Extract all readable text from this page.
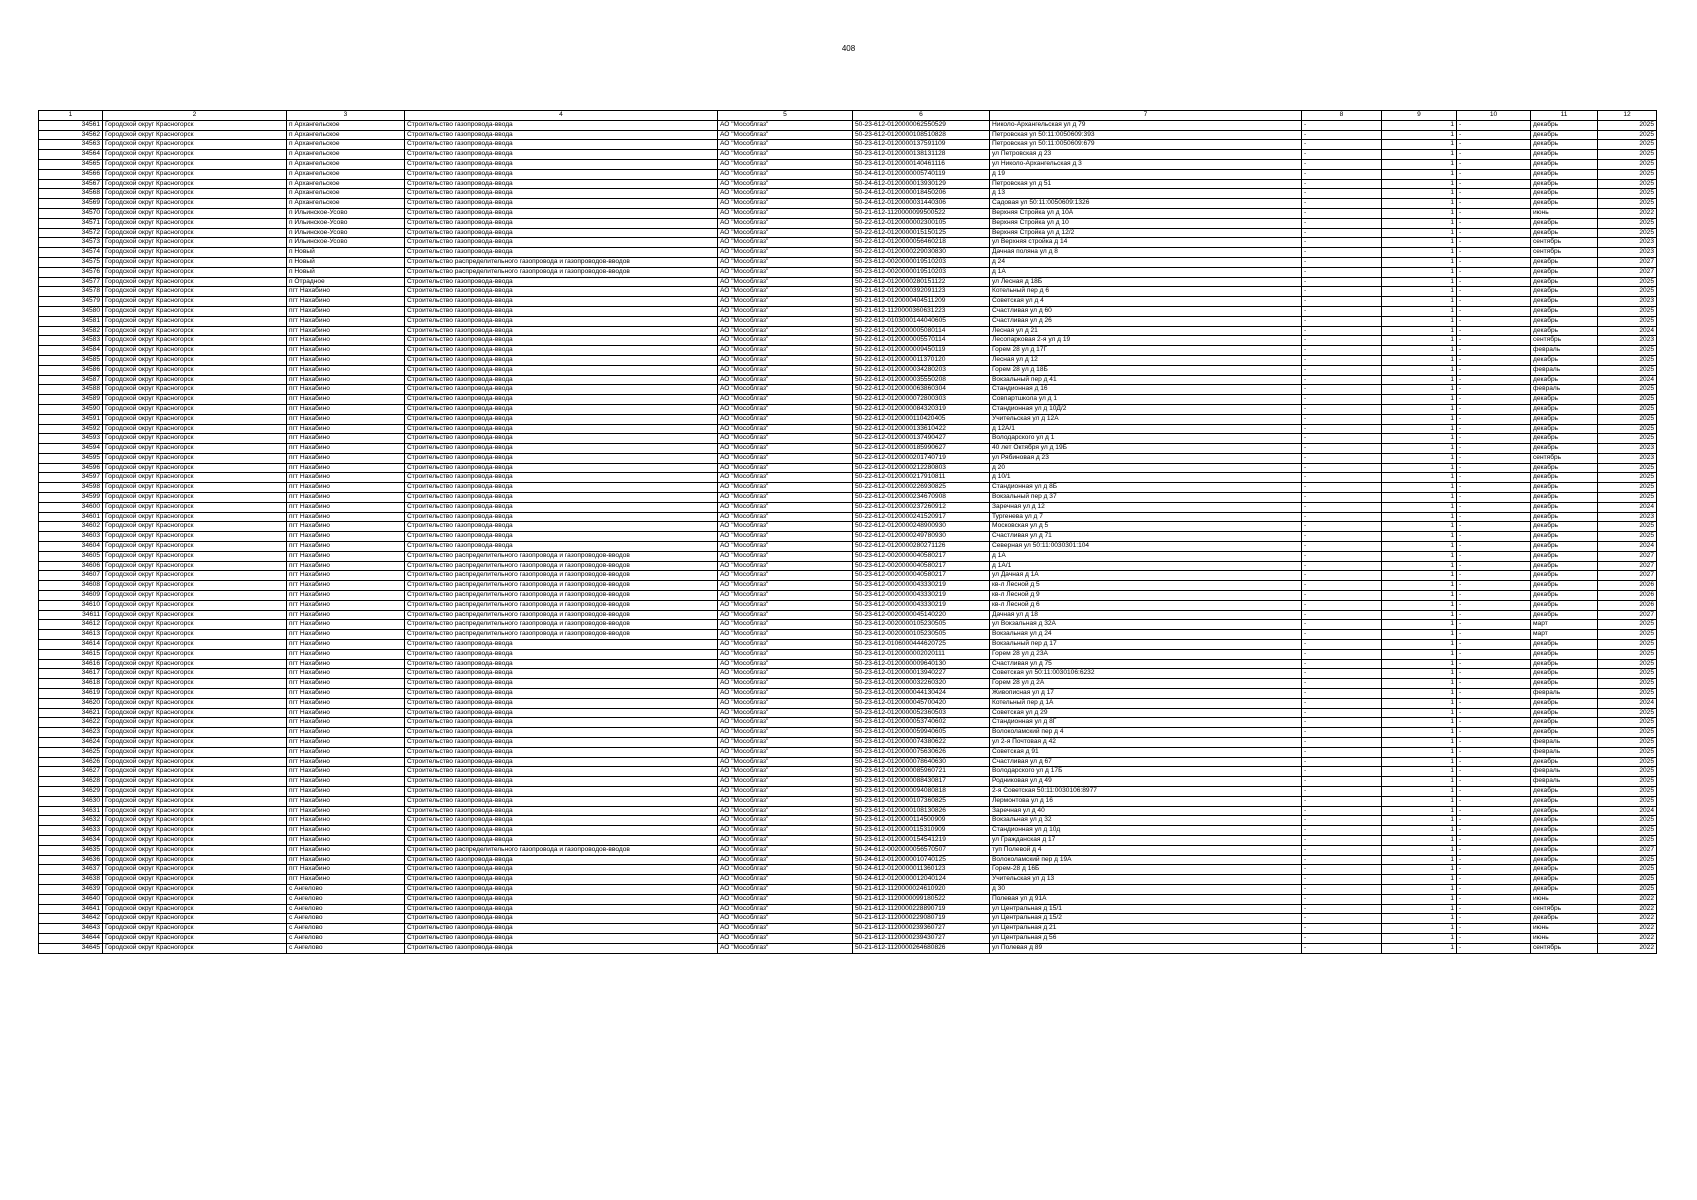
408
1	2	3	4	5	6	7	8	9	10	11	12
34561	Городской округ Красногорск	п Архангельское	Строительство газопровода-ввода	АО "Мособлгаз"	50-23-612-0120000062550529	Николо-Архангельская ул д 79	-	1	-	декабрь	2025
34562	Городской округ Красногорск	п Архангельское	Строительство газопровода-ввода	АО "Мособлгаз"	50-23-612-0120000108510828	Петровская ул 50:11:0050609:393	-	1	-	декабрь	2025
34563	Городской округ Красногорск	п Архангельское	Строительство газопровода-ввода	АО "Мособлгаз"	50-23-612-0120000137591109	Петровская ул 50:11:0050609:679	-	1	-	декабрь	2025
34564	Городской округ Красногорск	п Архангельское	Строительство газопровода-ввода	АО "Мособлгаз"	50-23-612-0120000138131128	ул Петровская д 23	-	1	-	декабрь	2025
34565	Городской округ Красногорск	п Архангельское	Строительство газопровода-ввода	АО "Мособлгаз"	50-23-612-0120000140461116	ул Николо-Архангельская д 3	-	1	-	декабрь	2025
34566	Городской округ Красногорск	п Архангельское	Строительство газопровода-ввода	АО "Мособлгаз"	50-24-612-0120000005740119	д 19	-	1	-	декабрь	2025
34567	Городской округ Красногорск	п Архангельское	Строительство газопровода-ввода	АО "Мособлгаз"	50-24-612-0120000013930129	Петровская ул д 51	-	1	-	декабрь	2025
34568	Городской округ Красногорск	п Архангельское	Строительство газопровода-ввода	АО "Мособлгаз"	50-24-612-0120000018450206	д 13	-	1	-	декабрь	2025
34569	Городской округ Красногорск	п Архангельское	Строительство газопровода-ввода	АО "Мособлгаз"	50-24-612-0120000031440306	Садовая ул 50:11:0050609:1326	-	1	-	декабрь	2025
34570	Городской округ Красногорск	п Ильинское-Усово	Строительство газопровода-ввода	АО "Мособлгаз"	50-21-612-1120000099500522	Верхняя Стройка ул д 10А	-	1	-	июнь	2022
34571	Городской округ Красногорск	п Ильинское-Усово	Строительство газопровода-ввода	АО "Мособлгаз"	50-22-612-0120000002300105	Верхняя Стройка ул д 10	-	1	-	декабрь	2025
34572	Городской округ Красногорск	п Ильинское-Усово	Строительство газопровода-ввода	АО "Мособлгаз"	50-22-612-0120000015150125	Верхняя Стройка ул д 12/2	-	1	-	декабрь	2025
34573	Городской округ Красногорск	п Ильинское-Усово	Строительство газопровода-ввода	АО "Мособлгаз"	50-22-612-0120000056460218	ул Верхняя стройка д 14	-	1	-	сентябрь	2023
34574	Городской округ Красногорск	п Новый	Строительство газопровода-ввода	АО "Мособлгаз"	50-22-612-0120000229030830	Дачная поляна ул д 8	-	1	-	сентябрь	2023
34575	Городской округ Красногорск	п Новый	Строительство распределительного газопровода и газопроводов-вводов	АО "Мособлгаз"	50-23-612-0020000019510203	д 24	-	1	-	декабрь	2027
34576	Городской округ Красногорск	п Новый	Строительство распределительного газопровода и газопроводов-вводов	АО "Мособлгаз"	50-23-612-0020000019510203	д 1А	-	1	-	декабрь	2027
34577	Городской округ Красногорск	п Отрадное	Строительство газопровода-ввода	АО "Мособлгаз"	50-22-612-0120000280151122	ул Лесная д 18Б	-	1	-	декабрь	2025
34578	Городской округ Красногорск	пгт Нахабино	Строительство газопровода-ввода	АО "Мособлгаз"	50-21-612-0120000392091123	Котельный пер д 6	-	1	-	декабрь	2025
34579	Городской округ Красногорск	пгт Нахабино	Строительство газопровода-ввода	АО "Мособлгаз"	50-21-612-0120000404511209	Советская ул д 4	-	1	-	декабрь	2023
34580	Городской округ Красногорск	пгт Нахабино	Строительство газопровода-ввода	АО "Мособлгаз"	50-21-612-1120000360631223	Счастливая ул д 60	-	1	-	декабрь	2025
34581	Городской округ Красногорск	пгт Нахабино	Строительство газопровода-ввода	АО "Мособлгаз"	50-22-612-0103000144040605	Счастливая ул д 26	-	1	-	декабрь	2025
34582	Городской округ Красногорск	пгт Нахабино	Строительство газопровода-ввода	АО "Мособлгаз"	50-22-612-0120000005080114	Лесная ул д 21	-	1	-	декабрь	2024
34583	Городской округ Красногорск	пгт Нахабино	Строительство газопровода-ввода	АО "Мособлгаз"	50-22-612-0120000005570114	Лесопарковая 2-я ул д 19	-	1	-	сентябрь	2023
34584	Городской округ Красногорск	пгт Нахабино	Строительство газопровода-ввода	АО "Мособлгаз"	50-22-612-0120000009450119	Горем 28 ул д 17Г	-	1	-	февраль	2025
34585	Городской округ Красногорск	пгт Нахабино	Строительство газопровода-ввода	АО "Мособлгаз"	50-22-612-0120000011370120	Лесная ул д 12	-	1	-	декабрь	2025
34586	Городской округ Красногорск	пгт Нахабино	Строительство газопровода-ввода	АО "Мособлгаз"	50-22-612-0120000034280203	Горем 28 ул д 18Б	-	1	-	февраль	2025
34587	Городской округ Красногорск	пгт Нахабино	Строительство газопровода-ввода	АО "Мособлгаз"	50-22-612-0120000035550208	Вокзальный пер д 41	-	1	-	декабрь	2024
34588	Городской округ Красногорск	пгт Нахабино	Строительство газопровода-ввода	АО "Мособлгаз"	50-22-612-0120000063860304	Стандионная д 16	-	1	-	февраль	2025
34589	Городской округ Красногорск	пгт Нахабино	Строительство газопровода-ввода	АО "Мособлгаз"	50-22-612-0120000072800303	Совпартшкола ул д 1	-	1	-	декабрь	2025
34590	Городской округ Красногорск	пгт Нахабино	Строительство газопровода-ввода	АО "Мособлгаз"	50-22-612-0120000084320319	Стандионная ул д 10Д/2	-	1	-	декабрь	2025
34591	Городской округ Красногорск	пгт Нахабино	Строительство газопровода-ввода	АО "Мособлгаз"	50-22-612-0120000110420405	Учительская ул д 12А	-	1	-	декабрь	2025
34592	Городской округ Красногорск	пгт Нахабино	Строительство газопровода-ввода	АО "Мособлгаз"	50-22-612-0120000133610422	д 12А/1	-	1	-	декабрь	2025
34593	Городской округ Красногорск	пгт Нахабино	Строительство газопровода-ввода	АО "Мособлгаз"	50-22-612-0120000137490427	Володарского ул д 1	-	1	-	декабрь	2025
34594	Городской округ Красногорск	пгт Нахабино	Строительство газопровода-ввода	АО "Мособлгаз"	50-22-612-0120000185990627	40 лет Октября ул д 19Б	-	1	-	декабрь	2023
34595	Городской округ Красногорск	пгт Нахабино	Строительство газопровода-ввода	АО "Мособлгаз"	50-22-612-0120000201740719	ул Рябиновая д 23	-	1	-	сентябрь	2023
34596	Городской округ Красногорск	пгт Нахабино	Строительство газопровода-ввода	АО "Мособлгаз"	50-22-612-0120000212280803	д 20	-	1	-	декабрь	2025
34597	Городской округ Красногорск	пгт Нахабино	Строительство газопровода-ввода	АО "Мособлгаз"	50-22-612-0120000217910811	д 10/1	-	1	-	декабрь	2025
34598	Городской округ Красногорск	пгт Нахабино	Строительство газопровода-ввода	АО "Мособлгаз"	50-22-612-0120000226930825	Стандионная ул д 8Б	-	1	-	декабрь	2025
34599	Городской округ Красногорск	пгт Нахабино	Строительство газопровода-ввода	АО "Мособлгаз"	50-22-612-0120000234670908	Вокзальный пер д 37	-	1	-	декабрь	2025
34600	Городской округ Красногорск	пгт Нахабино	Строительство газопровода-ввода	АО "Мособлгаз"	50-22-612-0120000237260912	Заречная ул д 12	-	1	-	декабрь	2024
34601	Городской округ Красногорск	пгт Нахабино	Строительство газопровода-ввода	АО "Мособлгаз"	50-22-612-0120000241520917	Тургенева ул д 7	-	1	-	декабрь	2023
34602	Городской округ Красногорск	пгт Нахабино	Строительство газопровода-ввода	АО "Мособлгаз"	50-22-612-0120000248900930	Московская ул д 5	-	1	-	декабрь	2025
34603	Городской округ Красногорск	пгт Нахабино	Строительство газопровода-ввода	АО "Мособлгаз"	50-22-612-0120000249780930	Счастливая ул д 71	-	1	-	декабрь	2025
34604	Городской округ Красногорск	пгт Нахабино	Строительство газопровода-ввода	АО "Мособлгаз"	50-22-612-0120000280271126	Северная ул 50:11:0030301:104	-	1	-	декабрь	2024
34605	Городской округ Красногорск	пгт Нахабино	Строительство распределительного газопровода и газопроводов-вводов	АО "Мособлгаз"	50-23-612-0020000040580217	д 1А	-	1	-	декабрь	2027
34606	Городской округ Красногорск	пгт Нахабино	Строительство распределительного газопровода и газопроводов-вводов	АО "Мособлгаз"	50-23-612-0020000040580217	д 1А/1	-	1	-	декабрь	2027
34607	Городской округ Красногорск	пгт Нахабино	Строительство распределительного газопровода и газопроводов-вводов	АО "Мособлгаз"	50-23-612-0020000040580217	ул Дачная д 1А	-	1	-	декабрь	2027
34608	Городской округ Красногорск	пгт Нахабино	Строительство распределительного газопровода и газопроводов-вводов	АО "Мособлгаз"	50-23-612-0020000043330219	кв-л Лесной д 5	-	1	-	декабрь	2026
34609	Городской округ Красногорск	пгт Нахабино	Строительство распределительного газопровода и газопроводов-вводов	АО "Мособлгаз"	50-23-612-0020000043330219	кв-л Лесной д 9	-	1	-	декабрь	2026
34610	Городской округ Красногорск	пгт Нахабино	Строительство распределительного газопровода и газопроводов-вводов	АО "Мособлгаз"	50-23-612-0020000043330219	кв-л Лесной д 6	-	1	-	декабрь	2026
34611	Городской округ Красногорск	пгт Нахабино	Строительство распределительного газопровода и газопроводов-вводов	АО "Мособлгаз"	50-23-612-0020000045140220	Дачная ул д 18	-	1	-	декабрь	2027
34612	Городской округ Красногорск	пгт Нахабино	Строительство распределительного газопровода и газопроводов-вводов	АО "Мособлгаз"	50-23-612-0020000105230505	ул Вокзальная д 32А	-	1	-	март	2025
34613	Городской округ Красногорск	пгт Нахабино	Строительство распределительного газопровода и газопроводов-вводов	АО "Мособлгаз"	50-23-612-0020000105230505	Вокзальная ул д 24	-	1	-	март	2025
34614	Городской округ Красногорск	пгт Нахабино	Строительство газопровода-ввода	АО "Мособлгаз"	50-23-612-0106000444620725	Вокзальный пер д 17	-	1	-	декабрь	2025
34615	Городской округ Красногорск	пгт Нахабино	Строительство газопровода-ввода	АО "Мособлгаз"	50-23-612-0120000002020111	Горем 28 ул д 23А	-	1	-	декабрь	2025
34616	Городской округ Красногорск	пгт Нахабино	Строительство газопровода-ввода	АО "Мособлгаз"	50-23-612-0120000009640130	Счастливая ул д 75	-	1	-	декабрь	2025
34617	Городской округ Красногорск	пгт Нахабино	Строительство газопровода-ввода	АО "Мособлгаз"	50-23-612-0120000013940227	Советская ул 50:11:0030106:6232	-	1	-	декабрь	2025
34618	Городской округ Красногорск	пгт Нахабино	Строительство газопровода-ввода	АО "Мособлгаз"	50-23-612-0120000032260320	Горем 28 ул д 2А	-	1	-	декабрь	2025
34619	Городской округ Красногорск	пгт Нахабино	Строительство газопровода-ввода	АО "Мособлгаз"	50-23-612-0120000044130424	Живописная ул д 17	-	1	-	февраль	2025
34620	Городской округ Красногорск	пгт Нахабино	Строительство газопровода-ввода	АО "Мособлгаз"	50-23-612-0120000045700420	Котельный пер д 1А	-	1	-	декабрь	2024
34621	Городской округ Красногорск	пгт Нахабино	Строительство газопровода-ввода	АО "Мособлгаз"	50-23-612-0120000052360503	Советская ул д 29	-	1	-	декабрь	2025
34622	Городской округ Красногорск	пгт Нахабино	Строительство газопровода-ввода	АО "Мособлгаз"	50-23-612-0120000053740602	Стандионная ул д 8Г	-	1	-	декабрь	2025
34623	Городской округ Красногорск	пгт Нахабино	Строительство газопровода-ввода	АО "Мособлгаз"	50-23-612-0120000059940605	Волоколамский пер д 4	-	1	-	декабрь	2025
34624	Городской округ Красногорск	пгт Нахабино	Строительство газопровода-ввода	АО "Мособлгаз"	50-23-612-0120000074380622	ул 2-я Почтовая д 42	-	1	-	февраль	2025
34625	Городской округ Красногорск	пгт Нахабино	Строительство газопровода-ввода	АО "Мособлгаз"	50-23-612-0120000075630626	Советская д 91	-	1	-	февраль	2025
34626	Городской округ Красногорск	пгт Нахабино	Строительство газопровода-ввода	АО "Мособлгаз"	50-23-612-0120000078640630	Счастливая ул д 67	-	1	-	декабрь	2025
34627	Городской округ Красногорск	пгт Нахабино	Строительство газопровода-ввода	АО "Мособлгаз"	50-23-612-0120000085960721	Володарского ул д 17Б	-	1	-	февраль	2025
34628	Городской округ Красногорск	пгт Нахабино	Строительство газопровода-ввода	АО "Мособлгаз"	50-23-612-0120000088430817	Родниковая ул д 49	-	1	-	февраль	2025
34629	Городской округ Красногорск	пгт Нахабино	Строительство газопровода-ввода	АО "Мособлгаз"	50-23-612-0120000094080818	2-я Советская 50:11:0030106:8977	-	1	-	декабрь	2025
34630	Городской округ Красногорск	пгт Нахабино	Строительство газопровода-ввода	АО "Мособлгаз"	50-23-612-0120000107360825	Лермонтова ул д 16	-	1	-	декабрь	2025
34631	Городской округ Красногорск	пгт Нахабино	Строительство газопровода-ввода	АО "Мособлгаз"	50-23-612-0120000108130826	Заречная ул д 40	-	1	-	декабрь	2024
34632	Городской округ Красногорск	пгт Нахабино	Строительство газопровода-ввода	АО "Мособлгаз"	50-23-612-0120000114500909	Вокзальная ул д 32	-	1	-	декабрь	2025
34633	Городской округ Красногорск	пгт Нахабино	Строительство газопровода-ввода	АО "Мособлгаз"	50-23-612-0120000115310909	Стандионная ул д 10д	-	1	-	декабрь	2025
34634	Городской округ Красногорск	пгт Нахабино	Строительство газопровода-ввода	АО "Мособлгаз"	50-23-612-0120000154541219	ул Гражданская д 17	-	1	-	декабрь	2025
34635	Городской округ Красногорск	пгт Нахабино	Строительство распределительного газопровода и газопроводов-вводов	АО "Мособлгаз"	50-24-612-0020000056570507	туп Полевой д 4	-	1	-	декабрь	2027
34636	Городской округ Красногорск	пгт Нахабино	Строительство газопровода-ввода	АО "Мособлгаз"	50-24-612-0120000010740125	Волоколамский пер д 19А	-	1	-	декабрь	2025
34637	Городской округ Красногорск	пгт Нахабино	Строительство газопровода-ввода	АО "Мособлгаз"	50-24-612-0120000011360123	Горем-28 д 16Б	-	1	-	декабрь	2025
34638	Городской округ Красногорск	пгт Нахабино	Строительство газопровода-ввода	АО "Мособлгаз"	50-24-612-0120000012040124	Учительская ул д 13	-	1	-	декабрь	2025
34639	Городской округ Красногорск	с Ангелово	Строительство газопровода-ввода	АО "Мособлгаз"	50-21-612-1120000024610920	д 30	-	1	-	декабрь	2025
34640	Городской округ Красногорск	с Ангелово	Строительство газопровода-ввода	АО "Мособлгаз"	50-21-612-1120000099180522	Полевая ул д 91А	-	1	-	июнь	2022
34641	Городской округ Красногорск	с Ангелово	Строительство газопровода-ввода	АО "Мособлгаз"	50-21-612-1120000228890719	ул Центральная д 15/1	-	1	-	сентябрь	2022
34642	Городской округ Красногорск	с Ангелово	Строительство газопровода-ввода	АО "Мособлгаз"	50-21-612-1120000229080719	ул Центральная д 15/2	-	1	-	декабрь	2022
34643	Городской округ Красногорск	с Ангелово	Строительство газопровода-ввода	АО "Мособлгаз"	50-21-612-1120000239360727	ул Центральная д 21	-	1	-	июнь	2022
34644	Городской округ Красногорск	с Ангелово	Строительство газопровода-ввода	АО "Мособлгаз"	50-21-612-1120000239430727	ул Центральная д 56	-	1	-	июнь	2022
34645	Городской округ Красногорск	с Ангелово	Строительство газопровода-ввода	АО "Мособлгаз"	50-21-612-1120000264680826	ул Полевая д 89	-	1	-	сентябрь	2022
